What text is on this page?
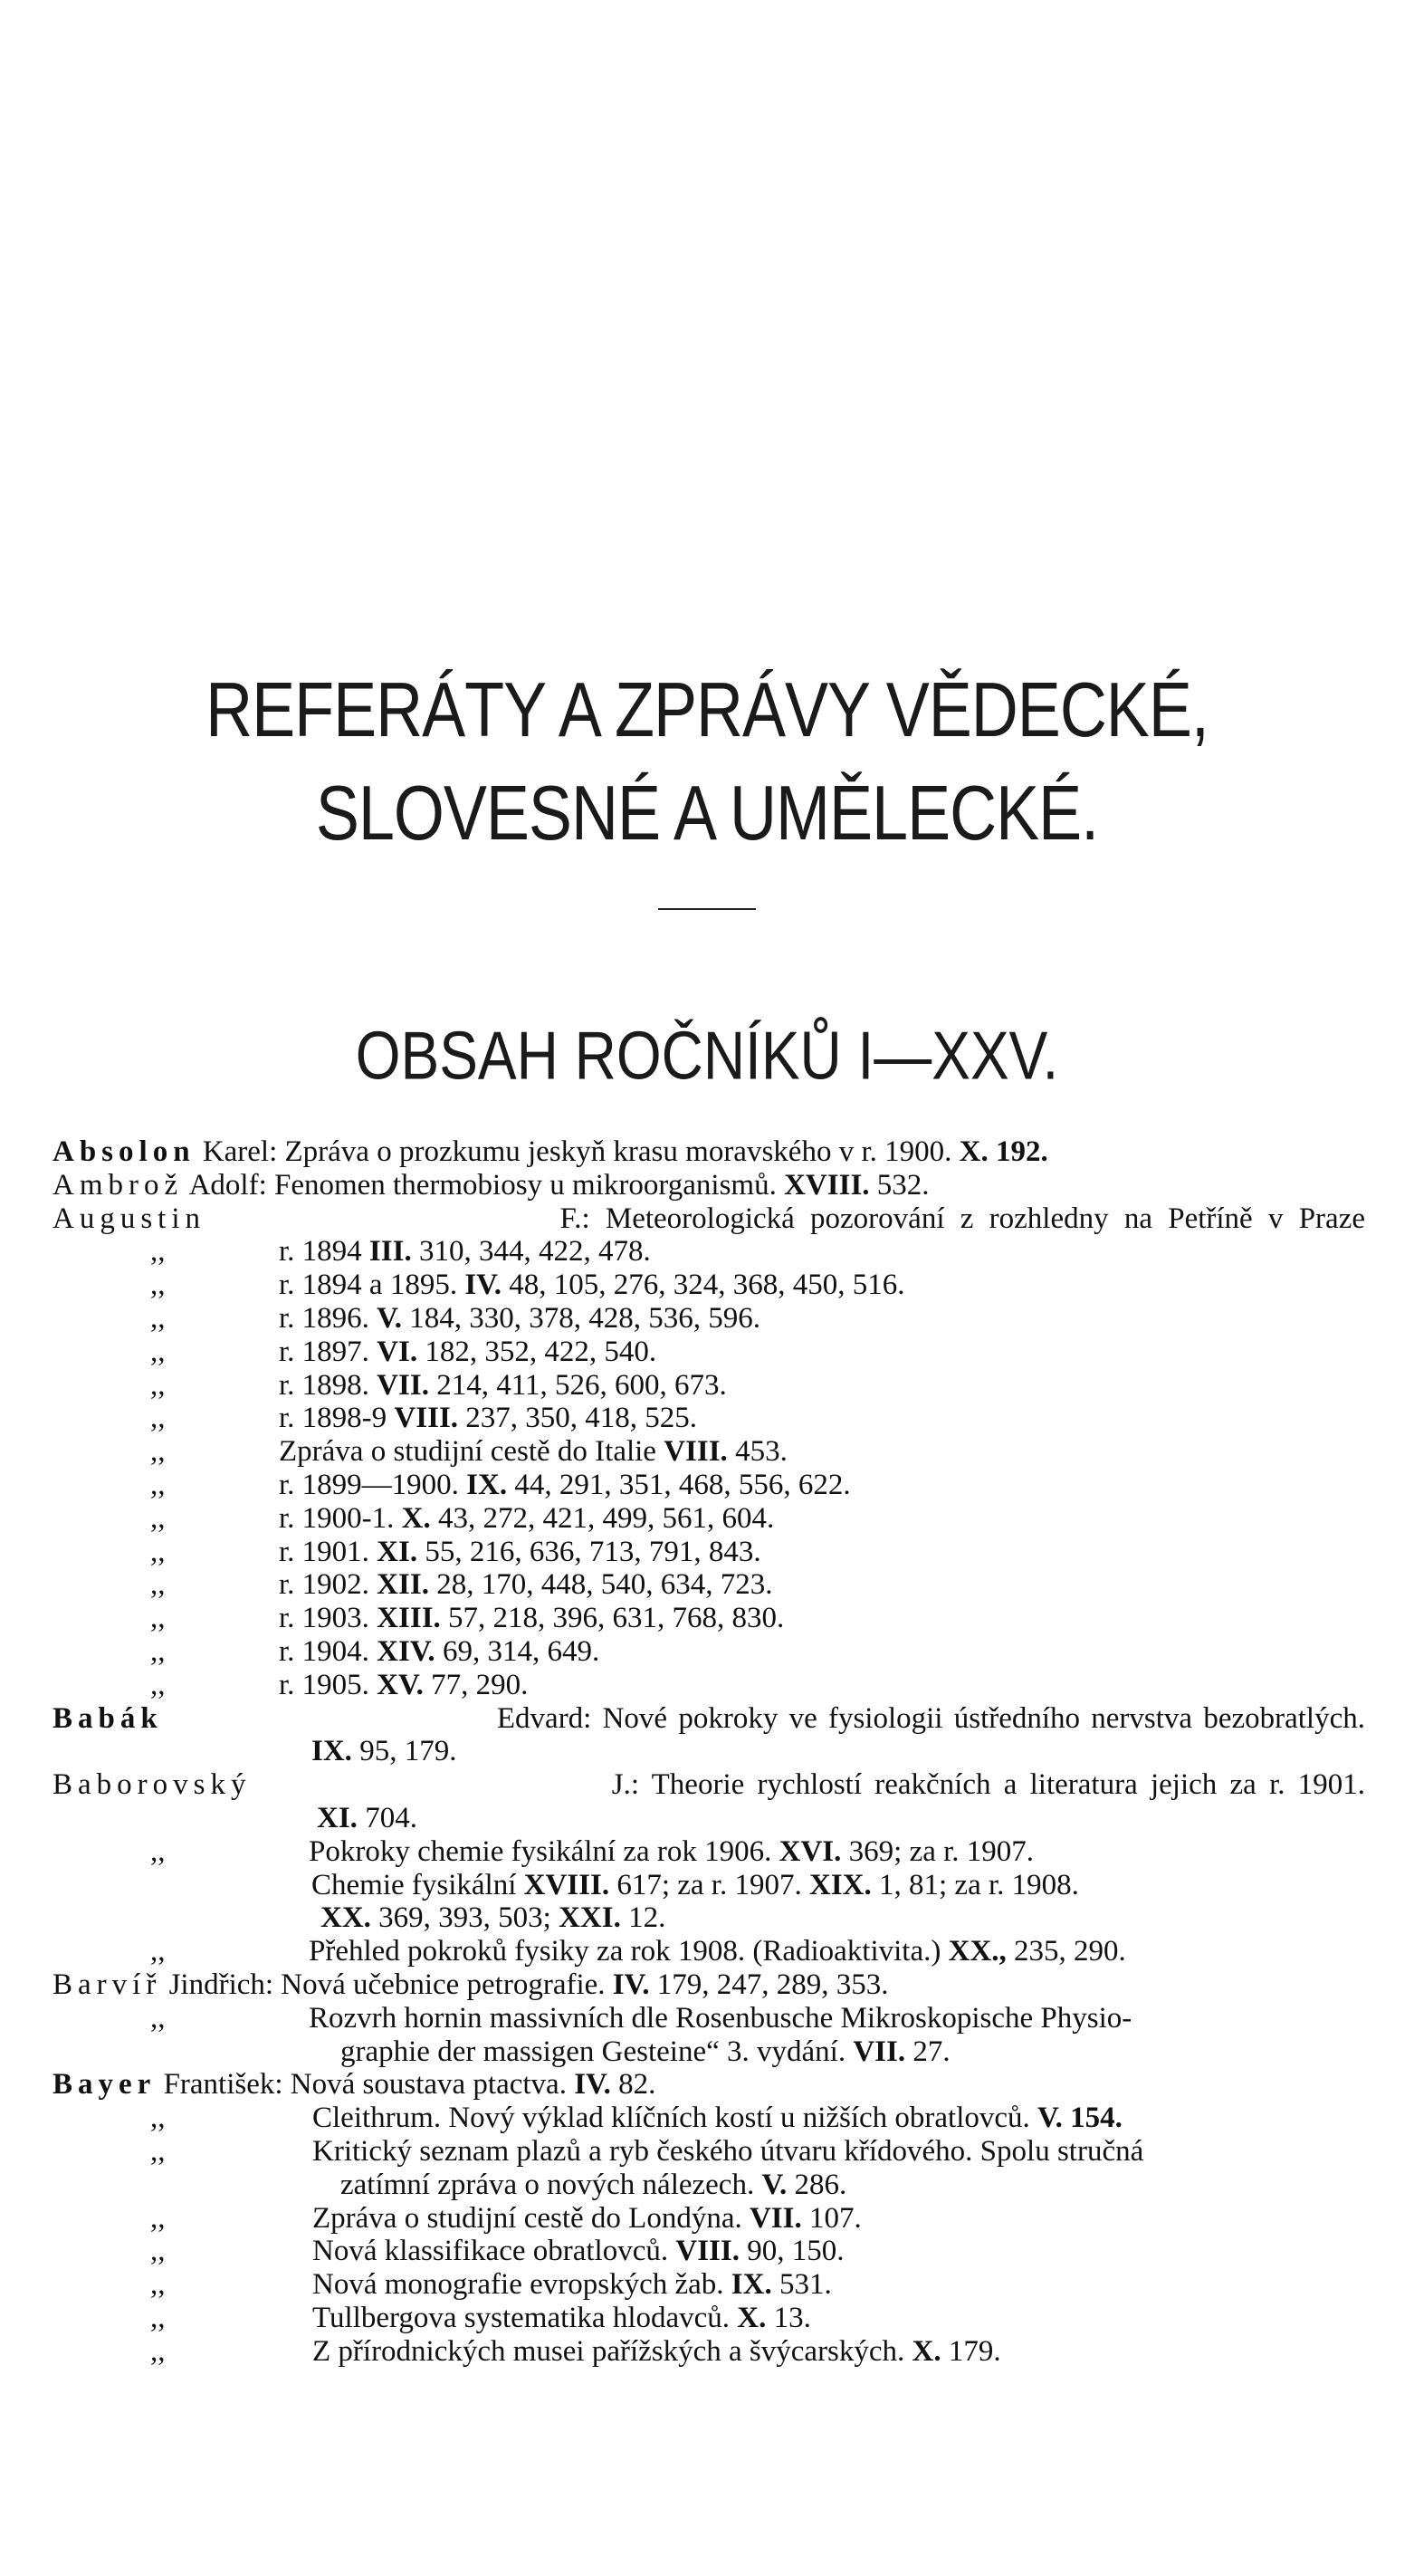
REFERÁTY A ZPRÁVY VĚDECKÉ,
SLOVESNÉ A UMĚLECKÉ.
OBSAH ROČNÍKŮ I—XXV.
Absolon Karel: Zpráva o prozkumu jeskyň krasu moravského v r. 1900. X. 192.
Ambrož Adolf: Fenomen thermobiosy u mikroorganismů. XVIII. 532.
Augustin	F.: Meteorologická pozorování z rozhledny na Petříně v Praze
,,	r. 1894 III. 310, 344, 422, 478.
,,	r. 1894 a 1895. IV. 48, 105, 276, 324, 368, 450, 516.
,,	r. 1896. V. 184, 330, 378, 428, 536, 596.
,,	r. 1897. VI. 182, 352, 422, 540.
,,	r. 1898. VII. 214, 411, 526, 600, 673.
,,	r. 1898-9 VIII. 237, 350, 418, 525.
,,	Zpráva o studijní cestě do Italie VIII. 453.
,,	r. 1899—1900. IX. 44, 291, 351, 468, 556, 622.
,,	r. 1900-1. X. 43, 272, 421, 499, 561, 604.
,,	r. 1901. XI. 55, 216, 636, 713, 791, 843.
,,	r. 1902. XII. 28, 170, 448, 540, 634, 723.
,,	r. 1903. XIII. 57, 218, 396, 631, 768, 830.
,,	r. 1904. XIV. 69, 314, 649.
,,	r. 1905. XV. 77, 290.
Babák	Edvard: Nové pokroky ve fysiologii ústředního nervstva bezobratlých.
IX. 95, 179.
Baborovský	J.: Theorie rychlostí reakčních a literatura jejich za r. 1901.
XI. 704.
,,	Pokroky chemie fysikální za rok 1906. XVI. 369; za r. 1907.
Chemie fysikální XVIII. 617; za r. 1907. XIX. 1, 81; za r. 1908.
XX. 369, 393, 503; XXI. 12.
,,	Přehled pokroků fysiky za rok 1908. (Radioaktivita.) XX., 235, 290.
Barvíř Jindřich: Nová učebnice petrografie. IV. 179, 247, 289, 353.
,,	Rozvrh hornin massivních dle Rosenbusche Mikroskopische Physio-
graphie der massigen Gesteine“ 3. vydání. VII. 27.
Bayer František: Nová soustava ptactva. IV. 82.
,,	Cleithrum. Nový výklad klíčních kostí u nižších obratlovců. V. 154.
,,	Kritický seznam plazů a ryb českého útvaru křídového. Spolu stručná
zatímní zpráva o nových nálezech. V. 286.
,,	Zpráva o studijní cestě do Londýna. VII. 107.
,,	Nová klassifikace obratlovců. VIII. 90, 150.
,,	Nová monografie evropských žab. IX. 531.
,,	Tullbergova systematika hlodavců. X. 13.
,,	Z přírodnických musei pařížských a švýcarských. X. 179.
